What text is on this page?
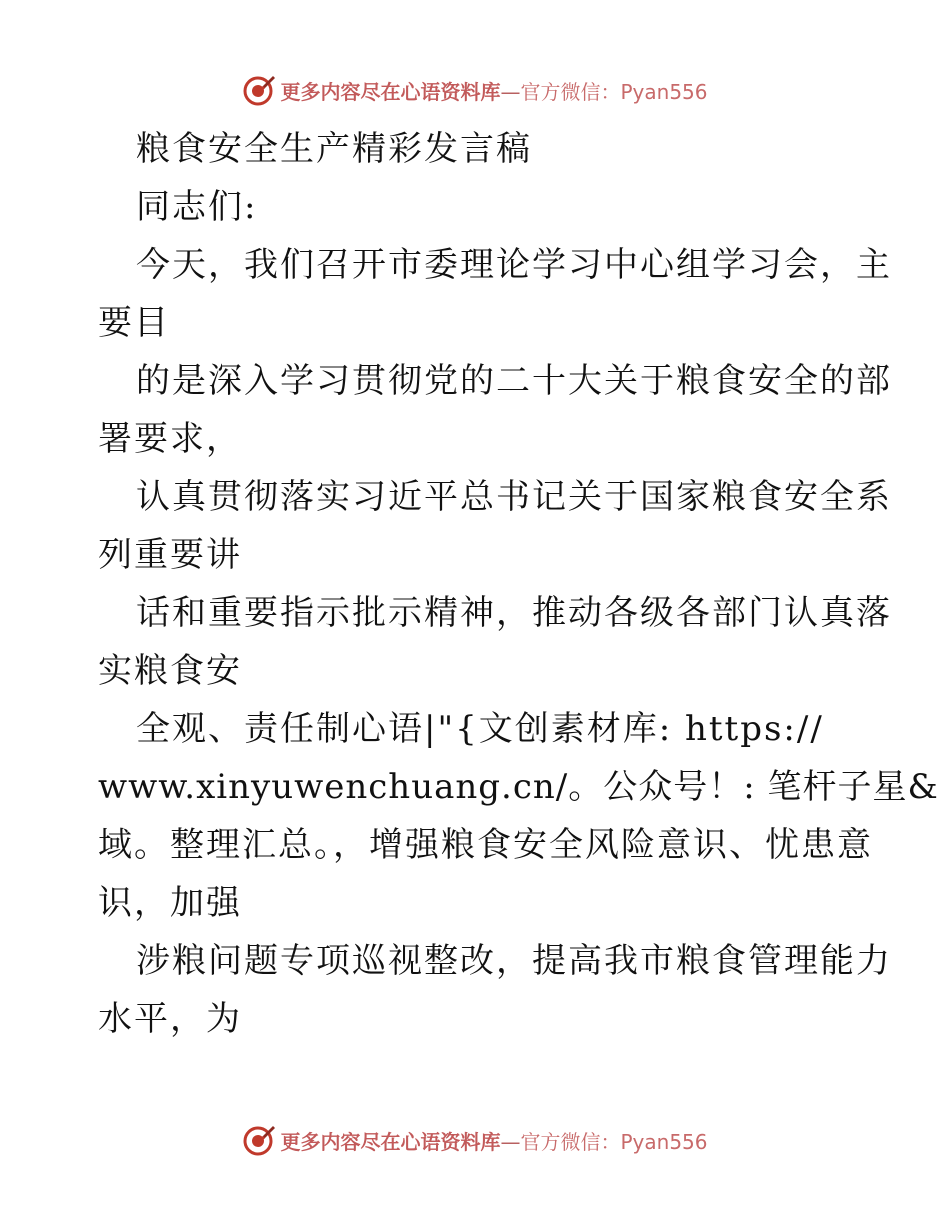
更多内容尽在心语资料库—官方微信：Pyan556
粮食安全生产精彩发言稿
同志们:
今天，我们召开市委理论学习中心组学习会，主
要目
的是深入学习贯彻党的二十大关于粮食安全的部
署要求，
认真贯彻落实习近平总书记关于国家粮食安全系
列重要讲
话和重要指示批示精神，推动各级各部门认真落
实粮食安
全观、责任制心语|"{文创素材库: https://
www.xinyuwenchuang.cn/。公众号！: 笔杆子星&
域。整理汇总。，增强粮食安全风险意识、忧患意
识，加强
涉粮问题专项巡视整改，提高我市粮食管理能力
水平，为
更多内容尽在心语资料库—官方微信：Pyan556
